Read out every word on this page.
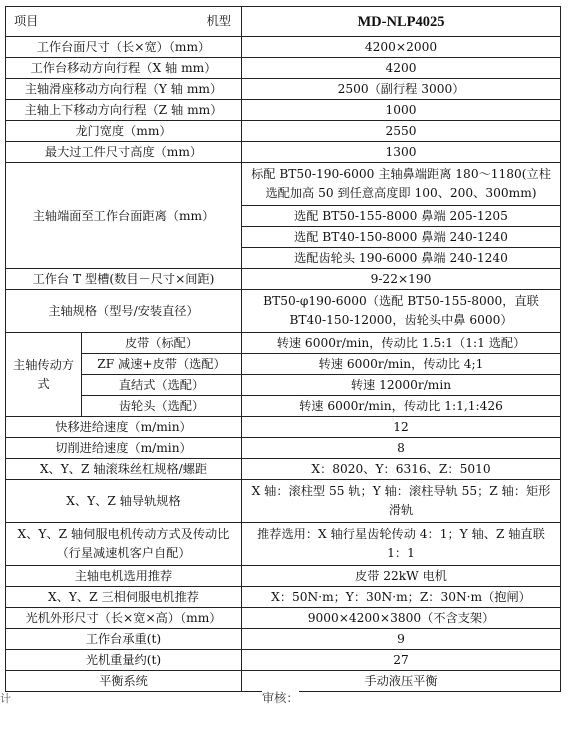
项目 机型		MD-NLP4025
工作台面尺寸（长×宽）（mm）		4200×2000
工作台移动方向行程（X 轴 mm）		4200
主轴滑座移动方向行程（Y 轴 mm）		2500（副行程 3000）
主轴上下移动方向行程（Z 轴 mm）		1000
龙门宽度（mm）		2550
最大过工件尺寸高度（mm）		1300
主轴端面至工作台面距离（mm）		标配 BT50-190-6000 主轴鼻端距离 180～1180(立柱选配加高 50 到任意高度即 100、200、300mm)
		选配 BT50-155-8000 鼻端 205-1205
		选配 BT40-150-8000 鼻端 240-1240
		选配齿轮头 190-6000 鼻端 240-1240
工作台 T 型槽(数目－尺寸×间距)		9-22×190
主轴规格（型号/安装直径）		BT50-φ190-6000（选配 BT50-155-8000，直联 BT40-150-12000，齿轮头中鼻 6000）
主轴传动方式	皮带（标配）	转速 6000r/min，传动比 1.5:1（1:1 选配）
	ZF 减速+皮带（选配）	转速 6000r/min，传动比 4;1
	直结式（选配）	转速 12000r/min
	齿轮头（选配）	转速 6000r/min，传动比 1:1,1:426
快移进给速度（m/min）		12
切削进给速度（m/min）		8
X、Y、Z 轴滚珠丝杠规格/螺距		X：8020、Y：6316、Z：5010
X、Y、Z 轴导轨规格		X 轴：滚柱型 55 轨；Y 轴：滚柱导轨 55；Z 轴：矩形滑轨
X、Y、Z 轴伺服电机传动方式及传动比（行星减速机客户自配）		推荐选用：X 轴行星齿轮传动 4：1；Y 轴、Z 轴直联 1：1
主轴电机选用推荐		皮带 22kW 电机
X、Y、Z 三相伺服电机推荐		X：50N·m；Y：30N·m；Z：30N·m（抱闸）
光机外形尺寸（长×宽×高）（mm）		9000×4200×3800（不含支架）
工作台承重(t)		9
光机重量约(t)		27
平衡系统		手动液压平衡
审核：
计
